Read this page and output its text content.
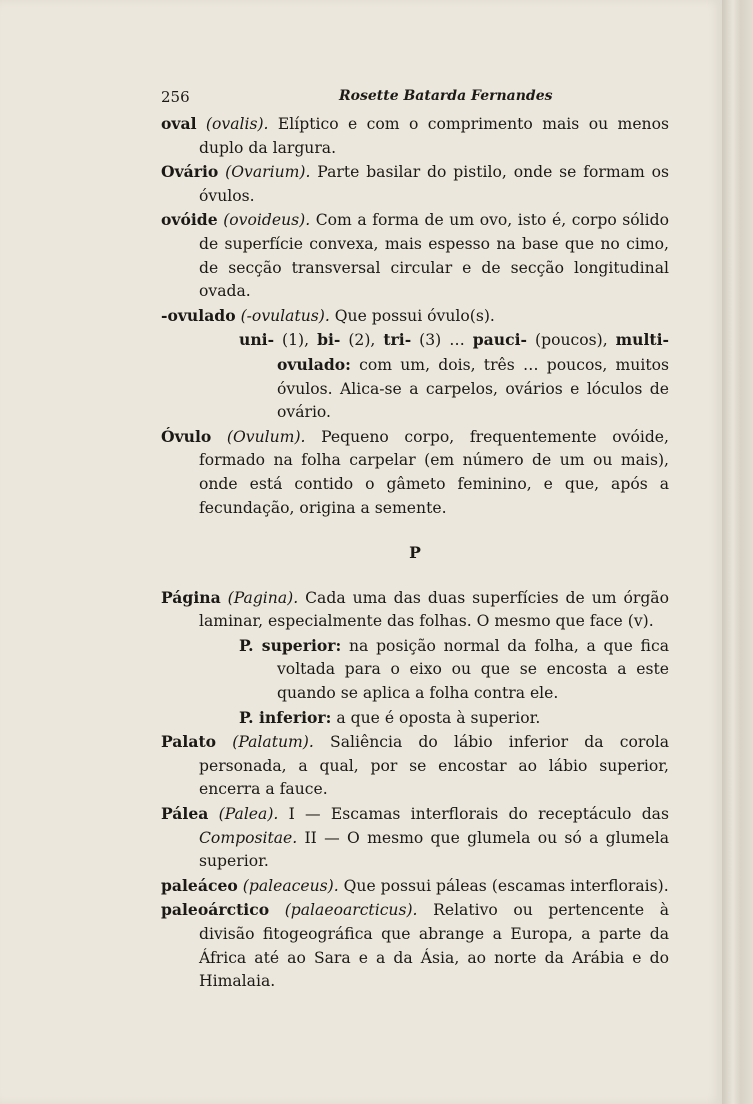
256	Rosette Batarda Fernandes

oval (ovalis). Elíptico e com o comprimento mais ou menos duplo da largura.

Ovário (Ovarium). Parte basilar do pistilo, onde se formam os óvulos.

ovóide (ovoideus). Com a forma de um ovo, isto é, corpo sólido de superfície convexa, mais espesso na base que no cimo, de secção transversal circular e de secção longitudinal ovada.

-ovulado (-ovulatus). Que possui óvulo(s).

uni- (1), bi- (2), tri- (3) … pauci- (poucos), multi-ovulado: com um, dois, três … poucos, muitos óvulos. Alica-se a carpelos, ovários e lóculos de ovário.

Óvulo (Ovulum). Pequeno corpo, frequentemente ovóide, formado na folha carpelar (em número de um ou mais), onde está contido o gâmeto feminino, e que, após a fecundação, origina a semente.

P

Página (Pagina). Cada uma das duas superfícies de um órgão laminar, especialmente das folhas. O mesmo que face (v).

P. superior: na posição normal da folha, a que fica voltada para o eixo ou que se encosta a este quando se aplica a folha contra ele.

P. inferior: a que é oposta à superior.

Palato (Palatum). Saliência do lábio inferior da corola personada, a qual, por se encostar ao lábio superior, encerra a fauce.

Pálea (Palea). I — Escamas interflorais do receptáculo das Compositae. II — O mesmo que glumela ou só a glumela superior.

paleáceo (paleaceus). Que possui páleas (escamas interflorais).

paleoárctico (palaeoarcticus). Relativo ou pertencente à divisão fitogeográfica que abrange a Europa, a parte da África até ao Sara e a da Ásia, ao norte da Arábia e do Himalaia.
